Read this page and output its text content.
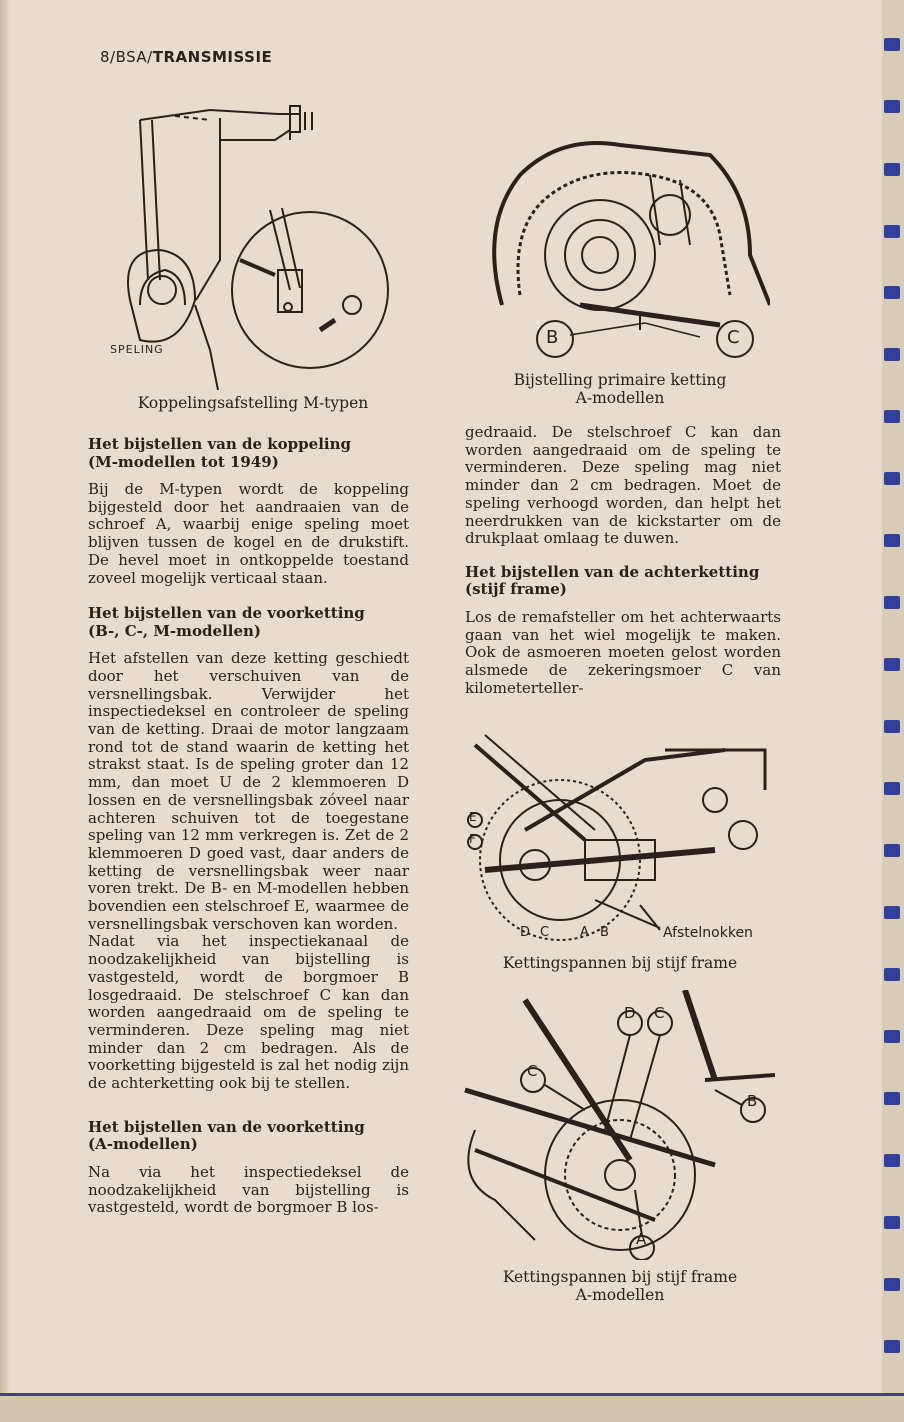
8/BSA/TRANSMISSIE
SPELING
Koppelingsafstelling M-typen
B	C
Bijstelling primaire ketting
A-modellen
Het bijstellen van de koppeling
(M-modellen tot 1949)

Bij de M-typen wordt de koppeling bijgesteld door het aandraaien van de schroef A, waarbij enige speling moet blijven tussen de kogel en de drukstift. De hevel moet in ontkoppelde toestand zoveel mogelijk verticaal staan.

Het bijstellen van de voorketting
(B-, C-, M-modellen)

Het afstellen van deze ketting geschiedt door het verschuiven van de versnellingsbak. Verwijder het inspectiedeksel en controleer de speling van de ketting. Draai de motor langzaam rond tot de stand waarin de ketting het strakst staat. Is de speling groter dan 12 mm, dan moet U de 2 klemmoeren D lossen en de versnellingsbak zóveel naar achteren schuiven tot de toegestane speling van 12 mm verkregen is. Zet de 2 klemmoeren D goed vast, daar anders de ketting de versnellingsbak weer naar voren trekt. De B- en M-modellen hebben bovendien een stelschroef E, waarmee de versnellingsbak verschoven kan worden.

Nadat via het inspectiekanaal de noodzakelijkheid van bijstelling is vastgesteld, wordt de borgmoer B losgedraaid. De stelschroef C kan dan worden aangedraaid om de speling te verminderen. Deze speling mag niet minder dan 2 cm bedragen. Als de voorketting bijgesteld is zal het nodig zijn de achterketting ook bij te stellen.

Het bijstellen van de voorketting
(A-modellen)

Na via het inspectiedeksel de noodzakelijkheid van bijstelling is vastgesteld, wordt de borgmoer B los-

gedraaid. De stelschroef C kan dan worden aangedraaid om de speling te verminderen. Deze speling mag niet minder dan 2 cm bedragen. Moet de speling verhoogd worden, dan helpt het neerdrukken van de kickstarter om de drukplaat omlaag te duwen.

Het bijstellen van de achterketting
(stijf frame)

Los de remafsteller om het achterwaarts gaan van het wiel mogelijk te maken. Ook de asmoeren moeten gelost worden alsmede de zekeringsmoer C van kilometerteller-

E
F
D C A B	Afstelnokken
Kettingspannen bij stijf frame
D C
C
B
A
Kettingspannen bij stijf frame
A-modellen
